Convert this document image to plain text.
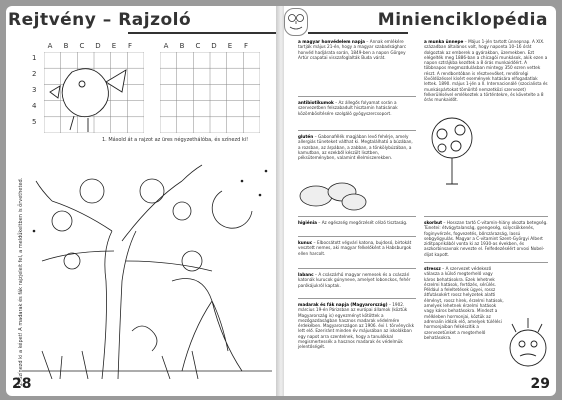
Rejtvény – Rajzoló
A	B	C	D	E	F	A	B	C	D	E	F
1
2
3
4
5
1. Másold át a rajzot az üres négyzethálóba, és színezd ki!
2. Színezd ki a képet! A madarak és fák rajzjeleit fel, a meldűkeltben is őrvetheted.
28
Minienciklopédia
a magyar honvédelem napja – Annak emlékére tartják május 21-én, hogy a magyar szabadságharc honvéd hadjárata során, 1849-ben a napon Görgey Artúr csapatai visszafoglalták Buda várát.
antibiotikumok – Az állegős folyamat során a szervezetben felszabadult hisztamin hatásának közömbösítésére szolgáló gyógyszercsoport.
glutén – Gabonafélék magjában levő fehérje, amely allergiás tüneteket válthat ki. Megtalálható a búzában, a rozsban, az árpában, a zabban, a tönkölybúzában, a kamutban, az ezekből készült lisztben, péksüteményben, valamint élelmiszerekben.
higiénia – Az egészség megőrzését célzó tisztaság.
kunuc – Elbocsátott végvári katona, bujdosó, birtokát vesztett nemes, aki magyar felkelőként a Habsburgok ellen harcolt.
labanc – A császárhű magyar nemesek és a császári katonák kurucok gúnyneve, amelyet lobonckos, fehér parókájukról kaptak.
madarak és fák napja (Magyarország) – 1902. március 19-én Párizsban az európai államok (köztük Magyarország is) egyezményt kötöttek a mezőgazdaságban hasznos madarak védelmére érdekében. Magyarországon az 1906. évi I. törvénycikk lett elő. Ezeriránt minden év májusában az iskolákban egy napot arra szentelnek, hogy a tanulókkal megismertessék a hasznos madarak és védelmük jelentőségét.
a munka ünnepe – Május 1-jén tartott ünnepnap. A XIX. században általános volt, hogy naponta 10–16 órát dolgoztak az emberek a gyárakban, üzemekben. Ezt elégelték meg 1886-ban a chicagói munkások, akik ezen a napon sztrájkba kezdtek a 8 órás munkaidőért. A többnapos megmozdulásban mintegy 350 ezren vettek részt. A rendbontóban is résztvevőket, rendőrségi lövöldözéssel kísért események hatására elfogadatlak lettek. 1890. május 1-jén a II. Internacionálé (szocialista és munkáspártokat tömörítő nemzetközi szervezet) felkerülésével emlékeztek a történtekre, és követelte a 8 órás munkaidőt.
skorbut – Hosszan tartó C-vitamin-hiány okozta betegség. Tünetei: étvágytalanság, gyengeség, súlycsökkenés, foginyvérzés, fogvezetés, bőrszárazság, lassú sebgyógyulás. Magyar a C-vitamint Szent-Györgyi Albert ziditpaprikából vonta ki az 1930-as években, és aszkorbinsavnak nevezte el. Felfedezéséért orvosi Nobel-díjat kapott.
stressz – A szervezet védekező válasza a külső megterhelő vagy káros behatásokra. Ezek lehetnek érzelmi hatások, fertőzés, sérülés. Például a feleltetések ügyei, rossz átfutásokért rossz helyzetek alatti élményt, rossz hírek, érzelmi hatások, amelyek lehetnek érzelmi hatások vagy káros behatásokra. Mindezt a mélkleben hormonjai, köztük az adrenalin idézik elő, amelyek túlélési hormonjaiban felkészítik a szervezetünket a megterhelő behatásokra.
29
